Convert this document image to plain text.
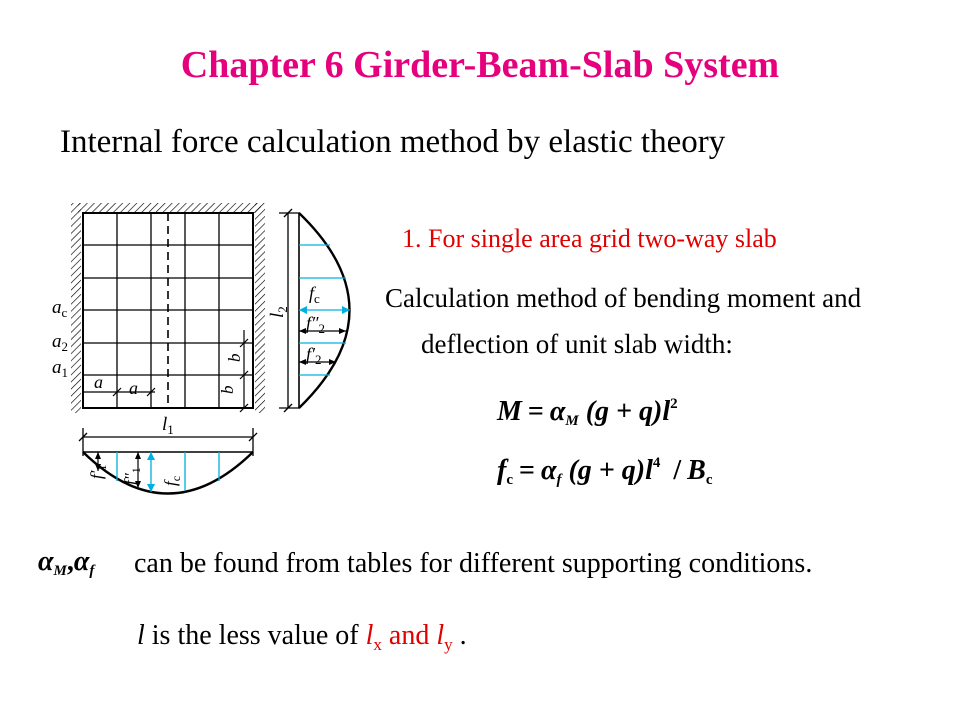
Chapter 6 Girder-Beam-Slab System
Internal force calculation method by elastic theory
$a_c$
$a_2$
$a_1$ a a
b
b
$l_1$
$f'_1$
$f''_1$
$f_c$
$l_2$
$f_c$
$f''_2$
$f'_2$
1. For single area grid two-way slab
Calculation method of bending moment and
deflection of unit slab width:
$M = \alpha_M$ $(g + q)l^2$
$f_c = \alpha_f$ $(g + q)l^4 / B_c$
$\alpha_M,\alpha_f$ can be found from tables for different supporting conditions.
l is the less value of $l_x$ and $l_y$ .
